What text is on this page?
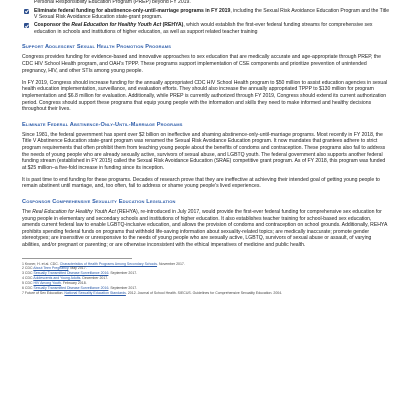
Personal Responsibility Education Program (PREP) beyond FY 2019.
Eliminate federal funding for abstinence-only-until-marriage programs in FY 2019, including the Sexual Risk Avoidance Education Program and the Title V Sexual Risk Avoidance Education state-grant program.
Cosponsor the Real Education for Healthy Youth Act (REHYA), which would establish the first-ever federal funding streams for comprehensive sex education in schools and institutions of higher education, as well as support related teacher training
Support Adolescent Sexual Health Promotion Programs

Congress provides funding for evidence-based and innovative approaches to sex education that are medically accurate and age-appropriate through PREP, the CDC HIV School Health program, and OAH's TPPP. These programs support implementation of CSE components and prioritize prevention of unintended pregnancy, HIV, and other STIs among young people.

In FY 2019, Congress should increase funding for the annually appropriated CDC HIV School Health program to $50 million to assist education agencies in sexual health education implementation, surveillance, and evaluation efforts. They should also increase the annually appropriated TPPP to $130 million for program implementation and $6.8 million for evaluation. Additionally, while PREP is currently authorized through FY 2019, Congress should extend its current authorization period. Congress should support these programs that equip young people with the information and skills they need to make informed and healthy decisions throughout their lives.

Eliminate Federal Abstinence-Only-Until-Marriage Programs

Since 1981, the federal government has spent over $2 billion on ineffective and shaming abstinence-only-until-marriage programs. Most recently in FY 2018, the Title V Abstinence Education state-grant program was renamed the Sexual Risk Avoidance Education program. It now mandates that grantees adhere to strict program requirements that often prohibit them from teaching young people about the benefits of condoms and contraception. These programs also fail to address the needs of young people who are already sexually active, survivors of sexual abuse, and LGBTQ youth. The federal government also supports another federal funding stream (established in FY 2015) called the Sexual Risk Avoidance Education (SRAE) competitive grant program. As of FY 2018, this program was funded at $25 million–a five-fold increase in funding since its inception.

It is past time to end funding for these programs. Decades of research prove that they are ineffective at achieving their intended goal of getting young people to remain abstinent until marriage, and, too often, fail to address or shame young people's lived experiences.

Cosponsor Comprehensive Sexuality Education Legislation

The Real Education for Healthy Youth Act (REHYA), re-introduced in July 2017, would provide the first-ever federal funding for comprehensive sex education for young people in elementary and secondary schools and institutions of higher education. It also establishes teacher training for school-based sex education, amends current federal law to enable LGBTQ-inclusive education, and allows the provision of condoms and contraception on school grounds. Additionally, REHYA prohibits spending federal funds on programs that withhold life-saving information about sexuality-related topics; are medically inaccurate; promote gender stereotypes; are insensitive or unresponsive to the needs of young people who are sexually active, LGBTQ, survivors of sexual abuse or assault, of varying abilities, and/or pregnant or parenting; or are otherwise inconsistent with the ethical imperatives of medicine and public health.

1 Kroner, H. et al. CDC. Characteristics of Health Programs Among Secondary Schools. November 2017.
2 CDC About Teen Pregnancy. May 2017.
3 CDC Sexually Transmitted Disease Surveillance 2016. September 2017.
4 CDC Adolescents and Young Adults. December 2017.
5 CDC HIV Among Youth. February 2018.
6 CDC Sexually Transmitted Disease Surveillance 2016. September 2017.
7 Future of Sex Education. National Sexuality Education Standards. 2012. Journal of School Health. SIECUS. Guidelines for Comprehensive Sexuality Education. 2004.
